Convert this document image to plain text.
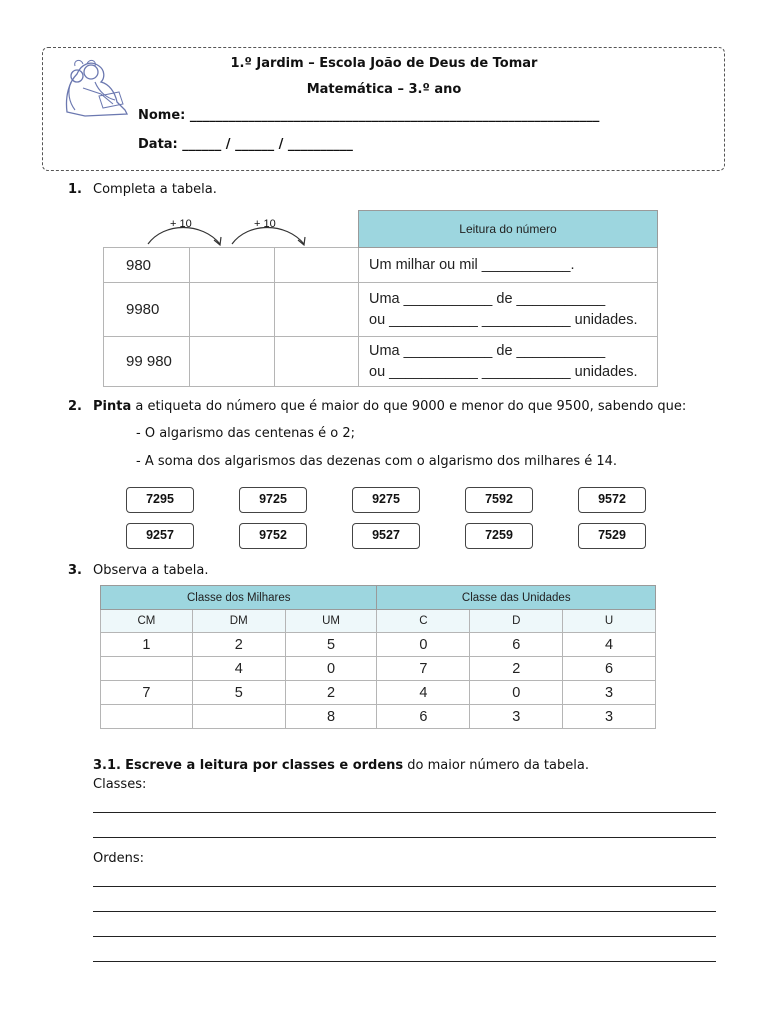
1.º Jardim – Escola João de Deus de Tomar
Matemática – 3.º ano
Nome: _______________________________________________________________
Data: ______ / ______ / __________
1. Completa a tabela.
+ 10	+ 10
				Leitura do número
980			Um milhar ou mil ___________.
9980			Uma ___________ de ___________
ou ___________ ___________ unidades.
99 980			Uma ___________ de ___________
ou ___________ ___________ unidades.
2. Pinta a etiqueta do número que é maior do que 9000 e menor do que 9500, sabendo que:
- O algarismo das centenas é o 2;
- A soma dos algarismos das dezenas com o algarismo dos milhares é 14.
7295	9725	9275	7592	9572
9257	9752	9527	7259	7529
3. Observa a tabela.
Classe dos Milhares			Classe das Unidades		
CM	DM	UM	C	D	U
1	2	5	0	6	4
	4	0	7	2	6
7	5	2	4	0	3
		8	6	3	3
3.1. Escreve a leitura por classes e ordens do maior número da tabela.
Classes:
Ordens:
